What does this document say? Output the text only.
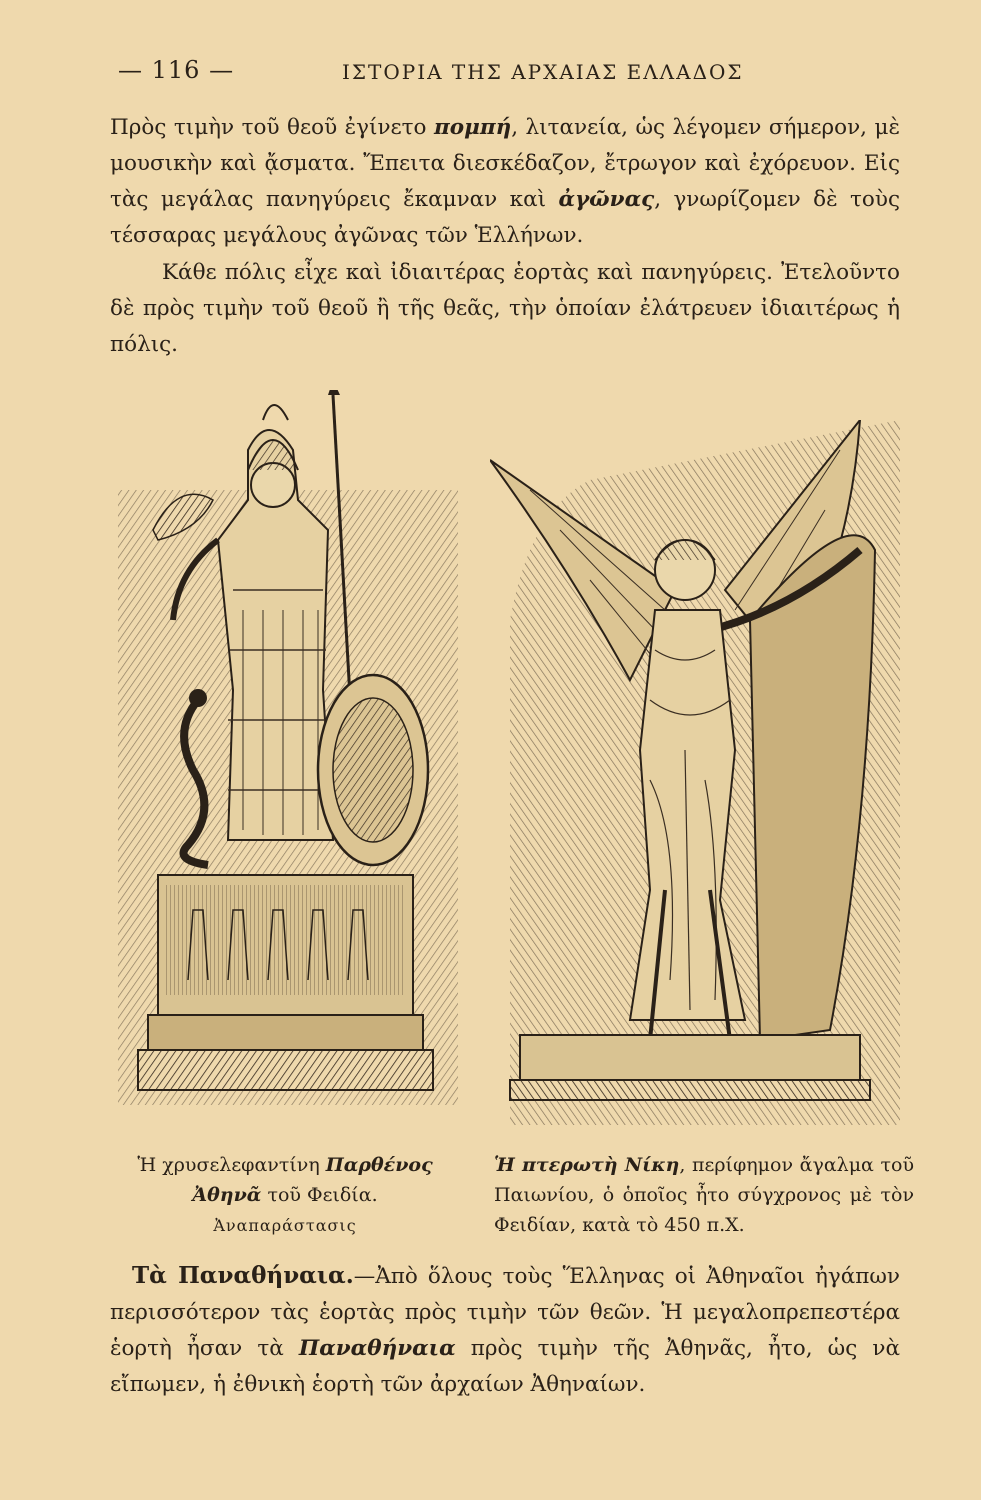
— 116 —	ΙΣΤΟΡΙΑ ΤΗΣ ΑΡΧΑΙΑΣ ΕΛΛΑΔΟΣ
Πρὸς τιμὴν τοῦ θεοῦ ἐγίνετο πομπή, λιτανεία, ὡς λέγομεν σήμερον, μὲ μουσικὴν καὶ ᾄσματα. Ἔπειτα διεσκέδαζον, ἔτρωγον καὶ ἐχόρευον. Εἰς τὰς μεγάλας πανηγύρεις ἔκαμναν καὶ ἀγῶνας, γνωρίζομεν δὲ τοὺς τέσσαρας μεγάλους ἀγῶνας τῶν Ἑλλήνων.
Κάθε πόλις εἶχε καὶ ἰδιαιτέρας ἑορτὰς καὶ πανηγύρεις. Ἐτελοῦντο δὲ πρὸς τιμὴν τοῦ θεοῦ ἢ τῆς θεᾶς, τὴν ὁποίαν ἐλάτρευεν ἰδιαιτέρως ἡ πόλις.
Ἡ χρυσελεφαντίνη Παρθένος
Ἀθηνᾶ τοῦ Φειδία.
Ἀναπαράστασις
Ἡ πτερωτὴ Νίκη, περίφημον ἄγαλμα τοῦ Παιωνίου, ὁ ὁποῖος ἦτο σύγχρονος μὲ τὸν Φειδίαν, κατὰ τὸ 450 π.Χ.
Τὰ Παναθήναια.—Ἀπὸ ὅλους τοὺς Ἕλληνας οἱ Ἀθηναῖοι ἠγάπων περισσότερον τὰς ἑορτὰς πρὸς τιμὴν τῶν θεῶν. Ἡ μεγαλοπρεπεστέρα ἑορτὴ ἦσαν τὰ Παναθήναια πρὸς τιμὴν τῆς Ἀθηνᾶς, ἦτο, ὡς νὰ εἴπωμεν, ἡ ἐθνικὴ ἑορτὴ τῶν ἀρχαίων Ἀθηναίων.
